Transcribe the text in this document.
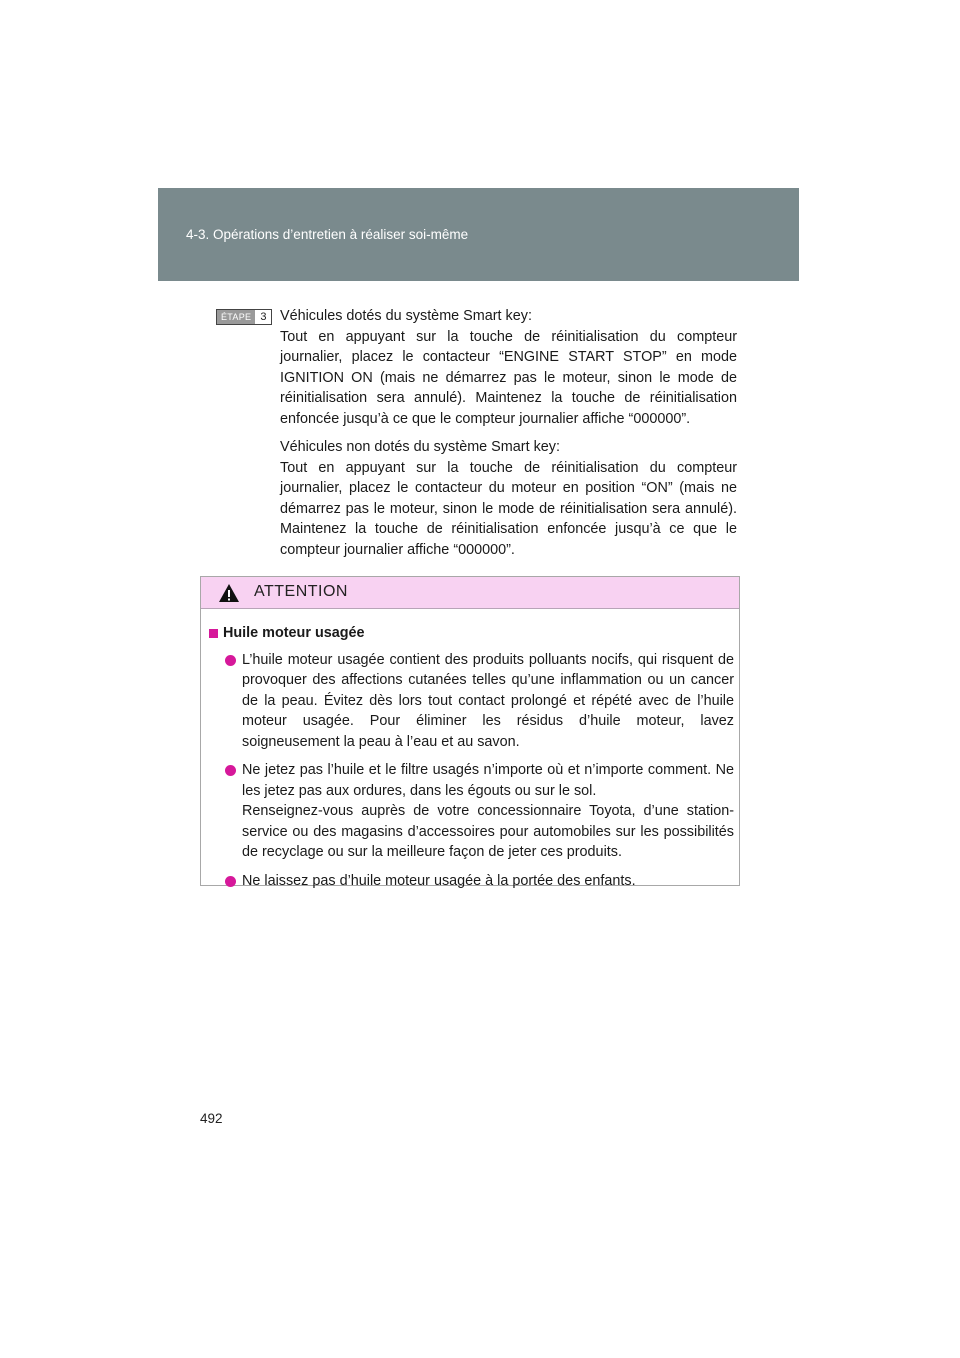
4-3. Opérations d’entretien à réaliser soi-même
ÉTAPE 3 Véhicules dotés du système Smart key:
Tout en appuyant sur la touche de réinitialisation du compteur journalier, placez le contacteur “ENGINE START STOP” en mode IGNITION ON (mais ne démarrez pas le moteur, sinon le mode de réinitialisation sera annulé). Maintenez la touche de réinitialisation enfoncée jusqu’à ce que le compteur journalier affiche “000000”.

Véhicules non dotés du système Smart key:
Tout en appuyant sur la touche de réinitialisation du compteur journalier, placez le contacteur du moteur en position “ON” (mais ne démarrez pas le moteur, sinon le mode de réinitialisation sera annulé). Maintenez la touche de réinitialisation enfoncée jusqu’à ce que le compteur journalier affiche “000000”.

ATTENTION
Huile moteur usagée
L’huile moteur usagée contient des produits polluants nocifs, qui risquent de provoquer des affections cutanées telles qu’une inflammation ou un cancer de la peau. Évitez dès lors tout contact prolongé et répété avec de l’huile moteur usagée. Pour éliminer les résidus d’huile moteur, lavez soigneusement la peau à l’eau et au savon.
Ne jetez pas l’huile et le filtre usagés n’importe où et n’importe comment. Ne les jetez pas aux ordures, dans les égouts ou sur le sol.
Renseignez-vous auprès de votre concessionnaire Toyota, d’une station-service ou des magasins d’accessoires pour automobiles sur les possibilités de recyclage ou sur la meilleure façon de jeter ces produits.
Ne laissez pas d’huile moteur usagée à la portée des enfants.
492
